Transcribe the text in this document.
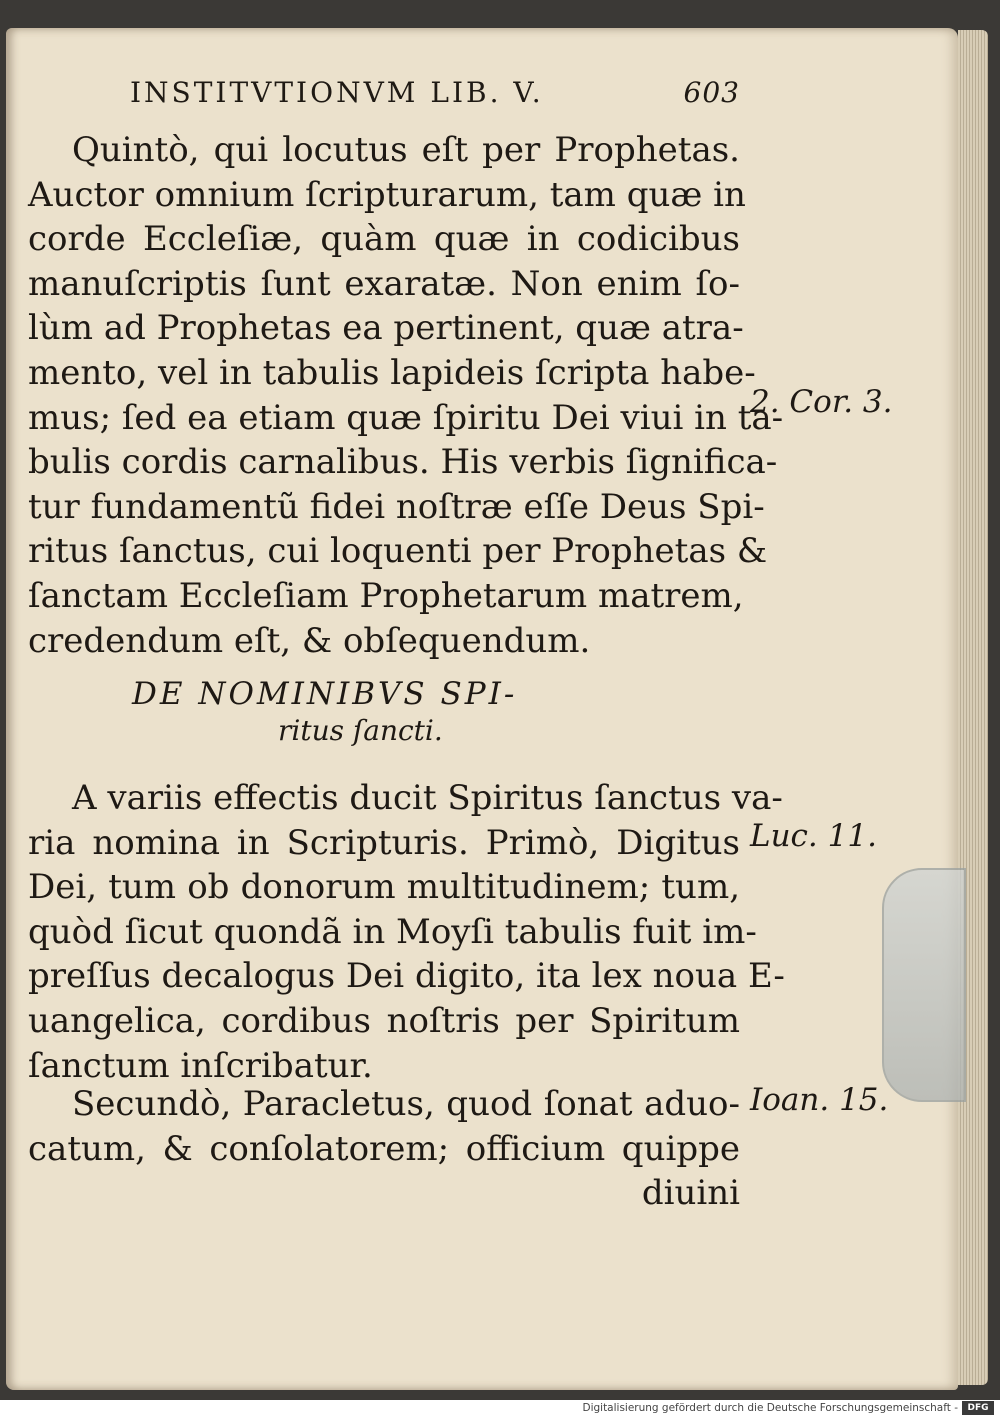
INSTITVTIONVM LIB. V.	603
Quintò, qui locutus eſt per Prophetas.
Auctor omnium ſcripturarum, tam quæ in
corde Eccleſiæ, quàm quæ in codicibus
manuſcriptis ſunt exaratæ. Non enim ſo-
lùm ad Prophetas ea pertinent, quæ atra-
mento, vel in tabulis lapideis ſcripta habe-
mus; ſed ea etiam quæ ſpiritu Dei viui in ta-
bulis cordis carnalibus. His verbis ſignifica-
tur fundamentũ fidei noſtræ eſſe Deus Spi-
ritus ſanctus, cui loquenti per Prophetas &
ſanctam Eccleſiam Prophetarum matrem,
credendum eſt, & obſequendum.
DE NOMINIBVS SPI-
ritus ſancti.
A variis effectis ducit Spiritus ſanctus va-
ria nomina in Scripturis. Primò, Digitus
Dei, tum ob donorum multitudinem; tum,
quòd ſicut quondã in Moyſi tabulis fuit im-
preſſus decalogus Dei digito, ita lex noua E-
uangelica, cordibus noſtris per Spiritum
ſanctum inſcribatur.
Secundò, Paracletus, quod ſonat aduo-
catum, & conſolatorem; officium quippe
diuini
2. Cor. 3.
Luc. 11.
Ioan. 15.
Digitalisierung gefördert durch die Deutsche Forschungsgemeinschaft -	DFG
